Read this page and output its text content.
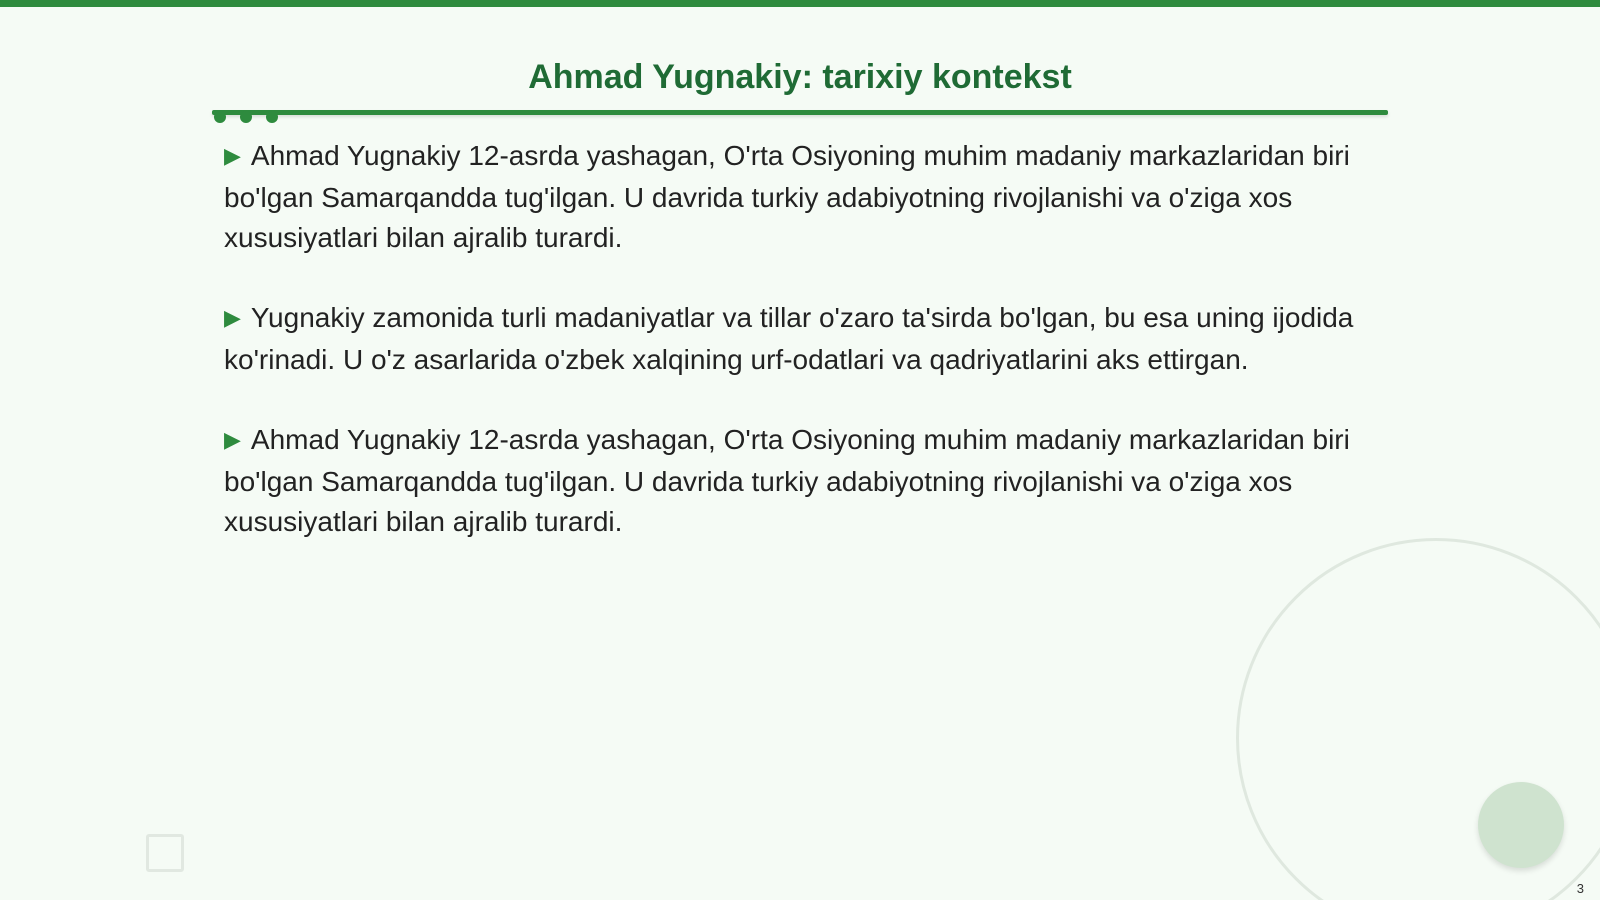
Ahmad Yugnakiy: tarixiy kontekst

▶ Ahmad Yugnakiy 12-asrda yashagan, O'rta Osiyoning muhim madaniy markazlaridan biri bo'lgan Samarqandda tug'ilgan. U davrida turkiy adabiyotning rivojlanishi va o'ziga xos xususiyatlari bilan ajralib turardi.

▶ Yugnakiy zamonida turli madaniyatlar va tillar o'zaro ta'sirda bo'lgan, bu esa uning ijodida ko'rinadi. U o'z asarlarida o'zbek xalqining urf-odatlari va qadriyatlarini aks ettirgan.

▶ Ahmad Yugnakiy 12-asrda yashagan, O'rta Osiyoning muhim madaniy markazlaridan biri bo'lgan Samarqandda tug'ilgan. U davrida turkiy adabiyotning rivojlanishi va o'ziga xos xususiyatlari bilan ajralib turardi.

3
